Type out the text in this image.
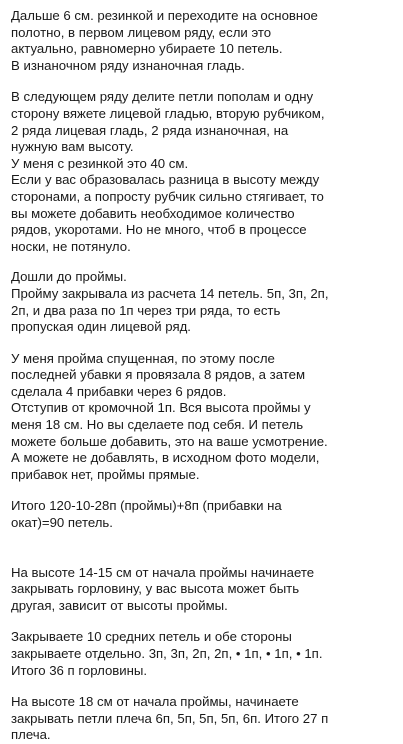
Дальше 6 см. резинкой и переходите на основное
полотно, в первом лицевом ряду, если это
актуально, равномерно убираете 10 петель.
В изнаночном ряду изнаночная гладь.
В следующем ряду делите петли пополам и одну
сторону вяжете лицевой гладью, вторую рубчиком,
2 ряда лицевая гладь, 2 ряда изнаночная, на
нужную вам высоту.
У меня с резинкой это 40 см.
Если у вас образовалась разница в высоту между
сторонами, а попросту рубчик сильно стягивает, то
вы можете добавить необходимое количество
рядов, укоротами. Но не много, чтоб в процессе
носки, не потянуло.
Дошли до проймы.
Пройму закрывала из расчета 14 петель. 5п, 3п, 2п,
2п, и два раза по 1п через три ряда, то есть
пропуская один лицевой ряд.
У меня пройма спущенная, по этому после
последней убавки я провязала 8 рядов, а затем
сделала 4 прибавки через 6 рядов.
Отступив от кромочной 1п. Вся высота проймы у
меня 18 см. Но вы сделаете под себя. И петель
можете больше добавить, это на ваше усмотрение.
А можете не добавлять, в исходном фото модели,
прибавок нет, проймы прямые.
Итого 120-10-28п (проймы)+8п (прибавки на
окат)=90 петель.
На высоте 14-15 см от начала проймы начинаете
закрывать горловину, у вас высота может быть
другая, зависит от высоты проймы.
Закрываете 10 средних петель и обе стороны
закрываете отдельно. 3п, 3п, 2п, 2п, • 1п, • 1п, • 1п.
Итого 36 п горловины.
На высоте 18 см от начала проймы, начинаете
закрывать петли плеча 6п, 5п, 5п, 5п, 6п. Итого 27 п
плеча.
